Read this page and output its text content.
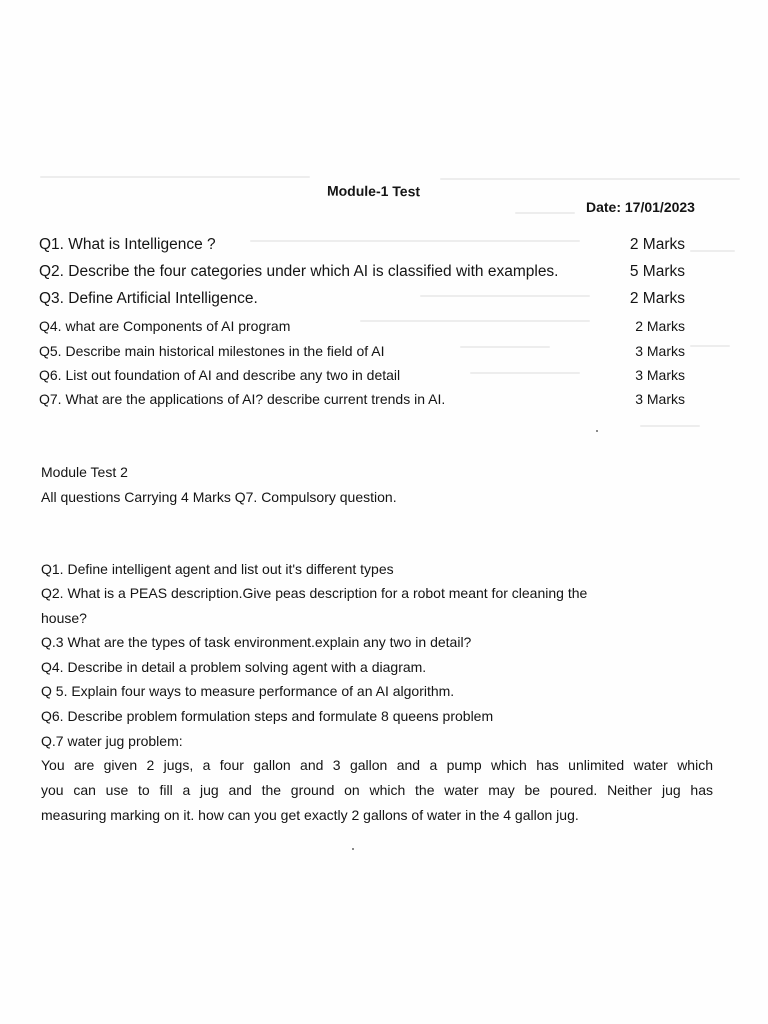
Module-1 Test
Date: 17/01/2023
Q1. What is Intelligence ?	2 Marks
Q2. Describe the four categories under which AI is classified with examples.	5 Marks
Q3. Define Artificial Intelligence.	2 Marks
Q4. what are Components of AI program	2 Marks
Q5. Describe main historical milestones in the field of AI	3 Marks
Q6. List out foundation of AI and describe any two in detail	3 Marks
Q7. What are the applications of AI? describe current trends in AI.	3 Marks
Module Test 2
All questions Carrying 4 Marks Q7. Compulsory question.
Q1. Define intelligent agent and list out it's different types
Q2. What is a PEAS description.Give peas description for a robot meant for cleaning the
house?
Q.3 What are the types of task environment.explain any two in detail?
Q4. Describe in detail a problem solving agent with a diagram.
Q 5. Explain four ways to measure performance of an AI algorithm.
Q6. Describe problem formulation steps and formulate 8 queens problem
Q.7 water jug problem:
You are given 2 jugs, a four gallon and 3 gallon and a pump which has unlimited water which
you can use to fill a jug and the ground on which the water may be poured. Neither jug has
measuring marking on it. how can you get exactly 2 gallons of water in the 4 gallon jug.
